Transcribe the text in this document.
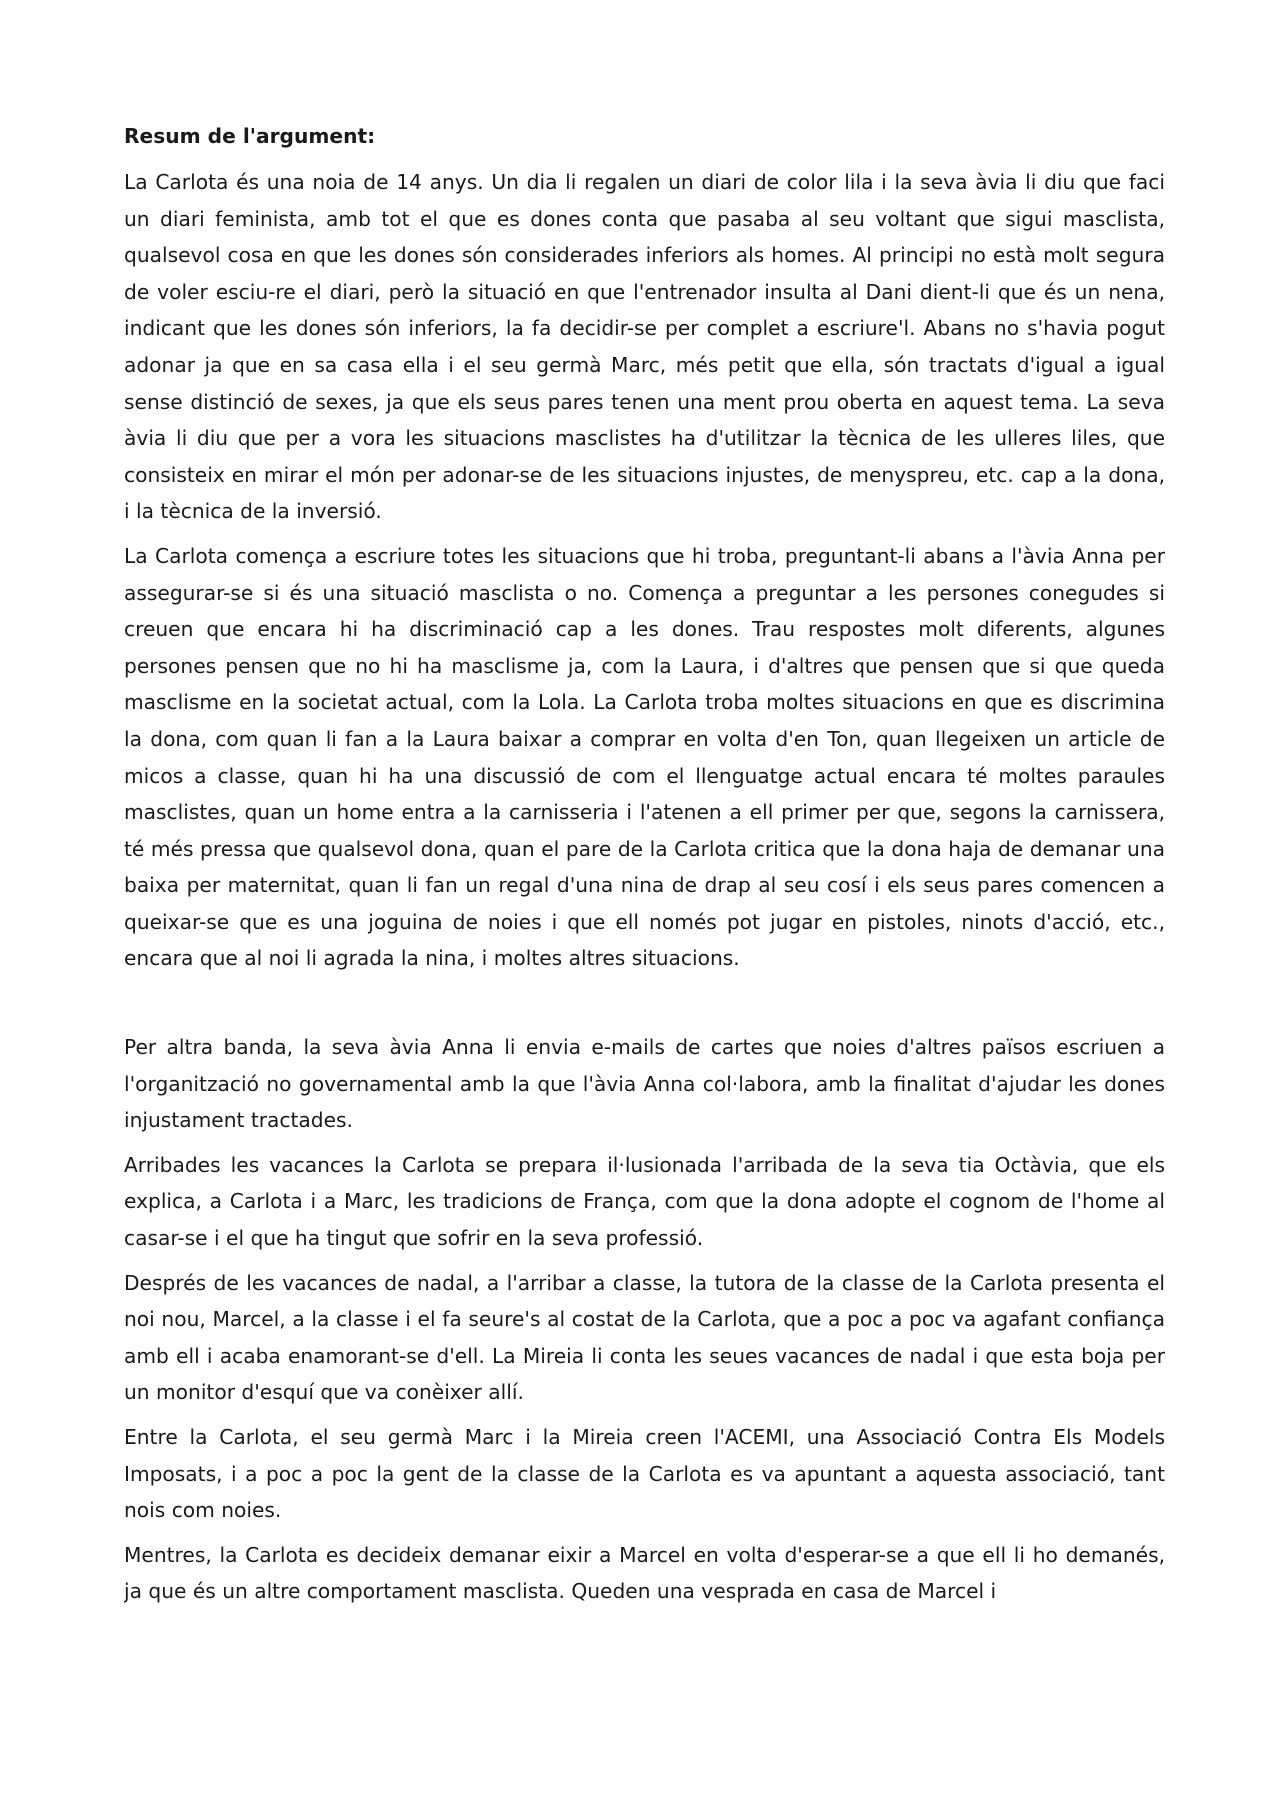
Resum de l'argument:

La Carlota és una noia de 14 anys. Un dia li regalen un diari de color lila i la seva àvia li diu que faci un diari feminista, amb tot el que es dones conta que pasaba al seu voltant que sigui masclista, qualsevol cosa en que les dones són considerades inferiors als homes. Al principi no està molt segura de voler esciu-re el diari, però la situació en que l'entrenador insulta al Dani dient-li que és un nena, indicant que les dones són inferiors, la fa decidir-se per complet a escriure'l. Abans no s'havia pogut adonar ja que en sa casa ella i el seu germà Marc, més petit que ella, són tractats d'igual a igual sense distinció de sexes, ja que els seus pares tenen una ment prou oberta en aquest tema. La seva àvia li diu que per a vora les situacions masclistes ha d'utilitzar la tècnica de les ulleres liles, que consisteix en mirar el món per adonar-se de les situacions injustes, de menyspreu, etc. cap a la dona, i la tècnica de la inversió.

La Carlota comença a escriure totes les situacions que hi troba, preguntant-li abans a l'àvia Anna per assegurar-se si és una situació masclista o no. Comença a preguntar a les persones conegudes si creuen que encara hi ha discriminació cap a les dones. Trau respostes molt diferents, algunes persones pensen que no hi ha masclisme ja, com la Laura, i d'altres que pensen que si que queda masclisme en la societat actual, com la Lola. La Carlota troba moltes situacions en que es discrimina la dona, com quan li fan a la Laura baixar a comprar en volta d'en Ton, quan llegeixen un article de micos a classe, quan hi ha una discussió de com el llenguatge actual encara té moltes paraules masclistes, quan un home entra a la carnisseria i l'atenen a ell primer per que, segons la carnissera, té més pressa que qualsevol dona, quan el pare de la Carlota critica que la dona haja de demanar una baixa per maternitat, quan li fan un regal d'una nina de drap al seu cosí i els seus pares comencen a queixar-se que es una joguina de noies i que ell només pot jugar en pistoles, ninots d'acció, etc., encara que al noi li agrada la nina, i moltes altres situacions.

Per altra banda, la seva àvia Anna li envia e-mails de cartes que noies d'altres països escriuen a l'organització no governamental amb la que l'àvia Anna col·labora, amb la finalitat d'ajudar les dones injustament tractades.

Arribades les vacances la Carlota se prepara il·lusionada l'arribada de la seva tia Octàvia, que els explica, a Carlota i a Marc, les tradicions de França, com que la dona adopte el cognom de l'home al casar-se i el que ha tingut que sofrir en la seva professió.

Després de les vacances de nadal, a l'arribar a classe, la tutora de la classe de la Carlota presenta el noi nou, Marcel, a la classe i el fa seure's al costat de la Carlota, que a poc a poc va agafant confiança amb ell i acaba enamorant-se d'ell. La Mireia li conta les seues vacances de nadal i que esta boja per un monitor d'esquí que va conèixer allí.

Entre la Carlota, el seu germà Marc i la Mireia creen l'ACEMI, una Associació Contra Els Models Imposats, i a poc a poc la gent de la classe de la Carlota es va apuntant a aquesta associació, tant nois com noies.

Mentres, la Carlota es decideix demanar eixir a Marcel en volta d'esperar-se a que ell li ho demanés, ja que és un altre comportament masclista. Queden una vesprada en casa de Marcel i
